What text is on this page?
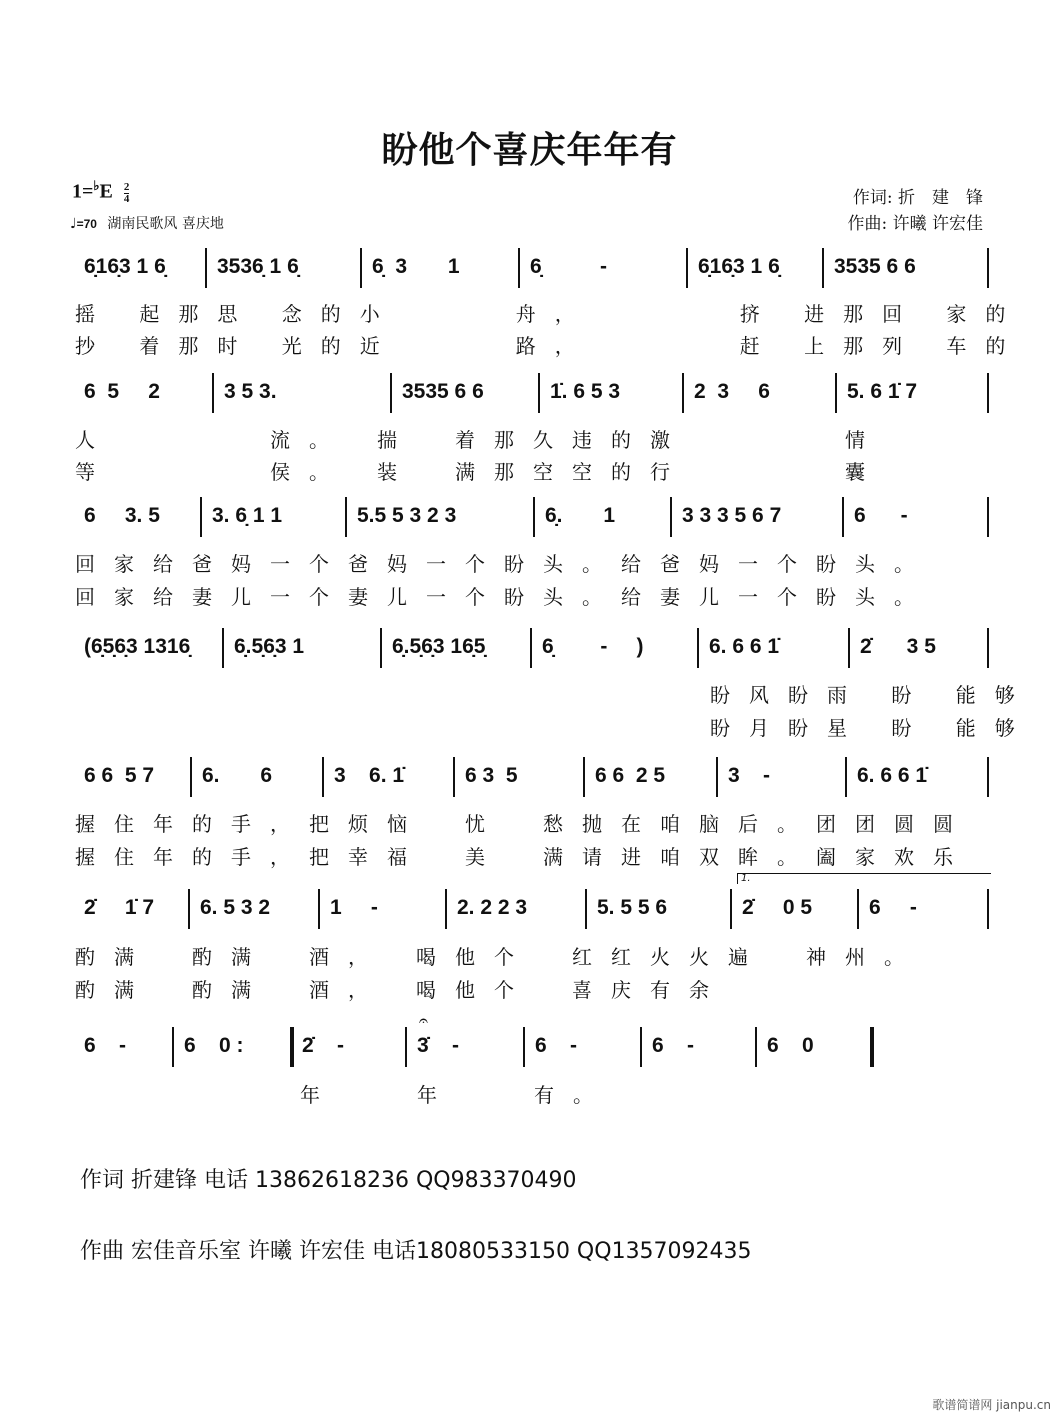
盼他个喜庆年年有
$1=^♭E \frac{2}{4}$
♩=70 湖南民歌风 喜庆地
作词: 折　建　锋
作曲: 许曦 许宏佳
6̣16̣3 1 6̣ 3536̣ 1 6̣	6̣  3       1	6̣          -	6̣16̣3 1 6̣	3535 6 6
摇 起那思 念的小　　　舟，　　　　挤 进那回 家的
抄 着那时 光的近　　　路，　　　　赶 上那列 车的
6  5     2	3 5 3.	3535 6 6	1̇. 6 5 3	2  3     6	5. 6 1̇ 7
人　　　　流。　揣　着那久违的激　　　　情
等　　　　侯。　装　满那空空的行　　　　囊
6     3. 5 3. 6̣ 1 1	5.5 5 3 2 3	6̣.       1	3 3 3 5 6 7	6      -
回家给爸妈一个爸妈一个盼头。给爸妈一个盼头。
回家给妻儿一个妻儿一个盼头。给妻儿一个盼头。
(6̣5̣6̣3 1316̣ 6̣.5̣6̣3 1	6̣.5̣6̣3 16̣5̣	6̣        -     )	6. 6 6 1̇	2̇      3 5
盼风盼雨 盼 能够
盼月盼星 盼 能够
6 6  5 7 6.       6	3    6. 1̇	6 3  5	6 6  2 5	3    -	6. 6 6 1̇
握住年的手，把烦恼　忧　愁抛在咱脑后。团团圆圆
握住年的手，把幸福　美　满请进咱双眸。阖家欢乐
2̇     1̇ 7 6. 5 3 2	1     -	2. 2 2 3	5. 5 5 6	2̇     0 5	6     -
1.
酌满　酌满　酒，　喝他个　红红火火遍　神州。
酌满　酌满　酒，　喝他个　喜庆有余
6    -	6    0 :	2̇    -	3̇    -	6    -	6    -	6    0
𝄐
年　　年　　有。
作词 折建锋 电话 13862618236 QQ983370490
作曲 宏佳音乐室 许曦 许宏佳 电话18080533150 QQ1357092435
歌谱简谱网 jianpu.cn
